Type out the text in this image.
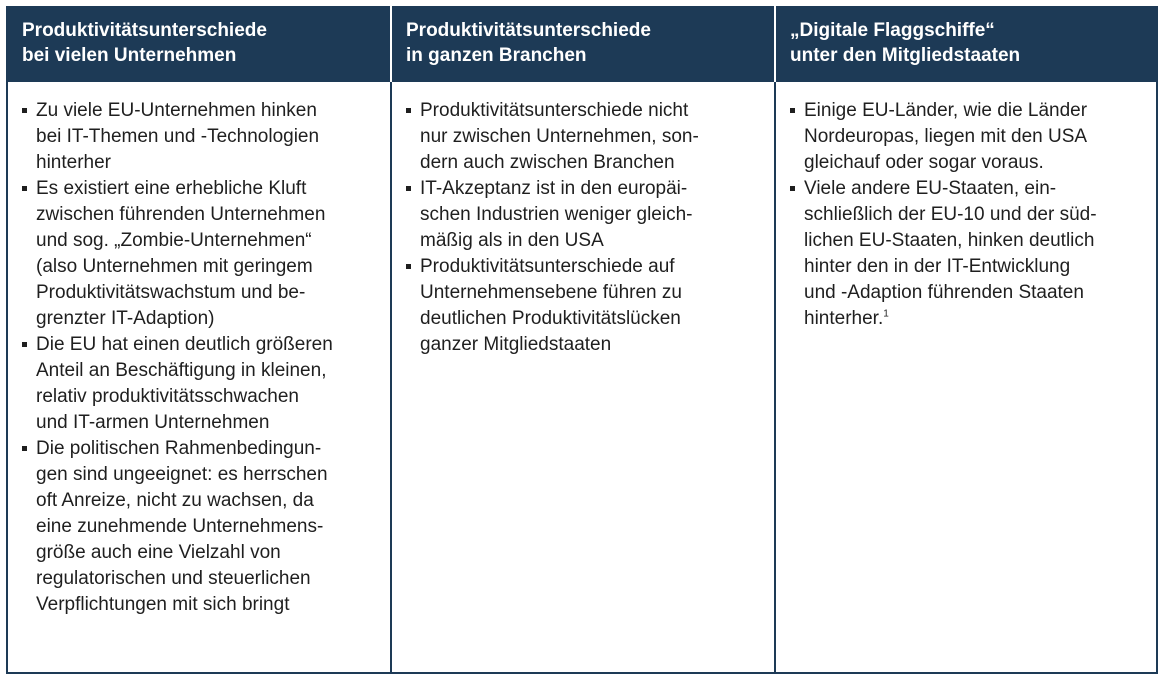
Produktivitätsunterschiede
bei vielen Unternehmen
Produktivitätsunterschiede
in ganzen Branchen
„Digitale Flaggschiffe“
unter den Mitgliedstaaten
Zu viele EU-Unternehmen hinken
bei IT-Themen und -Technologien
hinterher
Es existiert eine erhebliche Kluft
zwischen führenden Unternehmen
und sog. „Zombie-Unternehmen“
(also Unternehmen mit geringem
Produktivitätswachstum und be-
grenzter IT-Adaption)
Die EU hat einen deutlich größeren
Anteil an Beschäftigung in kleinen,
relativ produktivitätsschwachen
und IT-armen Unternehmen
Die politischen Rahmenbedingun-
gen sind ungeeignet: es herrschen
oft Anreize, nicht zu wachsen, da
eine zunehmende Unternehmens-
größe auch eine Vielzahl von
regulatorischen und steuerlichen
Verpflichtungen mit sich bringt
Produktivitätsunterschiede nicht
nur zwischen Unternehmen, son-
dern auch zwischen Branchen
IT-Akzeptanz ist in den europäi-
schen Industrien weniger gleich-
mäßig als in den USA
Produktivitätsunterschiede auf
Unternehmensebene führen zu
deutlichen Produktivitätslücken
ganzer Mitgliedstaaten
Einige EU-Länder, wie die Länder
Nordeuropas, liegen mit den USA
gleichauf oder sogar voraus.
Viele andere EU-Staaten, ein-
schließlich der EU-10 und der süd-
lichen EU-Staaten, hinken deutlich
hinter den in der IT-Entwicklung
und -Adaption führenden Staaten
hinterher.$^1$
